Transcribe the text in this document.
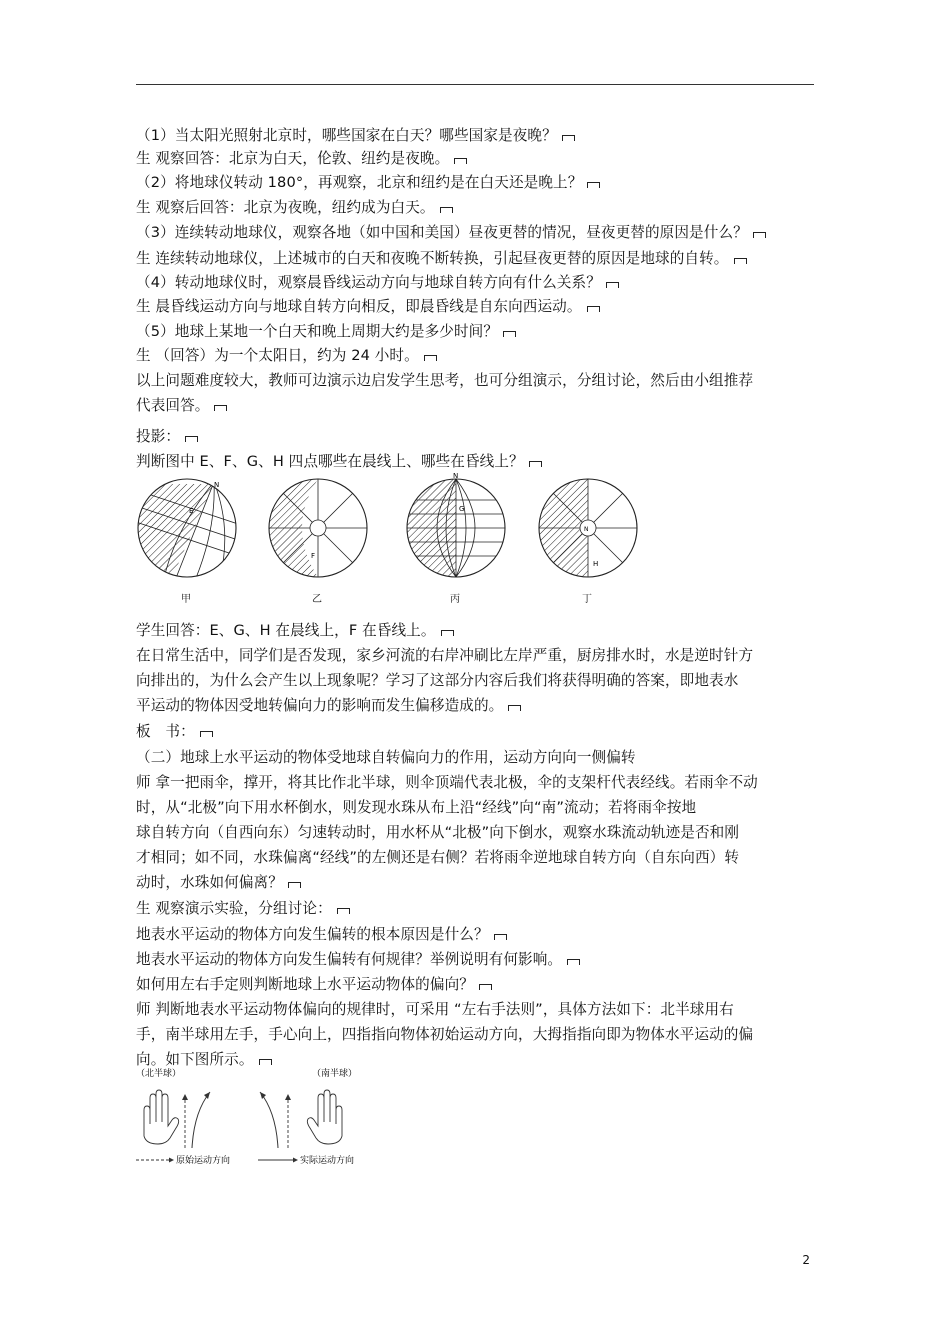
（1）当太阳光照射北京时，哪些国家在白天？哪些国家是夜晚？
生 观察回答：北京为白天，伦敦、纽约是夜晚。
（2）将地球仪转动 180°，再观察，北京和纽约是在白天还是晚上？
生 观察后回答：北京为夜晚，纽约成为白天。
（3）连续转动地球仪，观察各地（如中国和美国）昼夜更替的情况，昼夜更替的原因是什么？
生 连续转动地球仪，上述城市的白天和夜晚不断转换，引起昼夜更替的原因是地球的自转。
（4）转动地球仪时，观察晨昏线运动方向与地球自转方向有什么关系？
生 晨昏线运动方向与地球自转方向相反，即晨昏线是自东向西运动。
（5）地球上某地一个白天和晚上周期大约是多少时间？
生 （回答）为一个太阳日，约为 24 小时。
以上问题难度较大，教师可边演示边启发学生思考，也可分组演示，分组讨论，然后由小组推荐
代表回答。
投影：
判断图中 E、F、G、H 四点哪些在晨线上、哪些在昏线上？
学生回答：E、G、H 在晨线上，F 在昏线上。
在日常生活中，同学们是否发现，家乡河流的右岸冲刷比左岸严重，厨房排水时，水是逆时针方
向排出的，为什么会产生以上现象呢？学习了这部分内容后我们将获得明确的答案，即地表水
平运动的物体因受地转偏向力的影响而发生偏移造成的。
板　书：
（二）地球上水平运动的物体受地球自转偏向力的作用，运动方向向一侧偏转
师 拿一把雨伞，撑开，将其比作北半球，则伞顶端代表北极，伞的支架杆代表经线。若雨伞不动
时，从“北极”向下用水杯倒水，则发现水珠从布上沿“经线”向“南”流动；若将雨伞按地
球自转方向（自西向东）匀速转动时，用水杯从“北极”向下倒水，观察水珠流动轨迹是否和刚
才相同；如不同，水珠偏离“经线”的左侧还是右侧？若将雨伞逆地球自转方向（自东向西）转
动时，水珠如何偏离？
生 观察演示实验，分组讨论：
地表水平运动的物体方向发生偏转的根本原因是什么？
地表水平运动的物体方向发生偏转有何规律？举例说明有何影响。
如何用左右手定则判断地球上水平运动物体的偏向？
师 判断地表水平运动物体偏向的规律时，可采用 “左右手法则”，具体方法如下：北半球用右
手，南半球用左手，手心向上，四指指向物体初始运动方向，大拇指指向即为物体水平运动的偏
向。如下图所示。
N
E
F
N
G
N
H
甲	乙	丙	丁
（北半球）	（南半球）
原始运动方向	实际运动方向
2
